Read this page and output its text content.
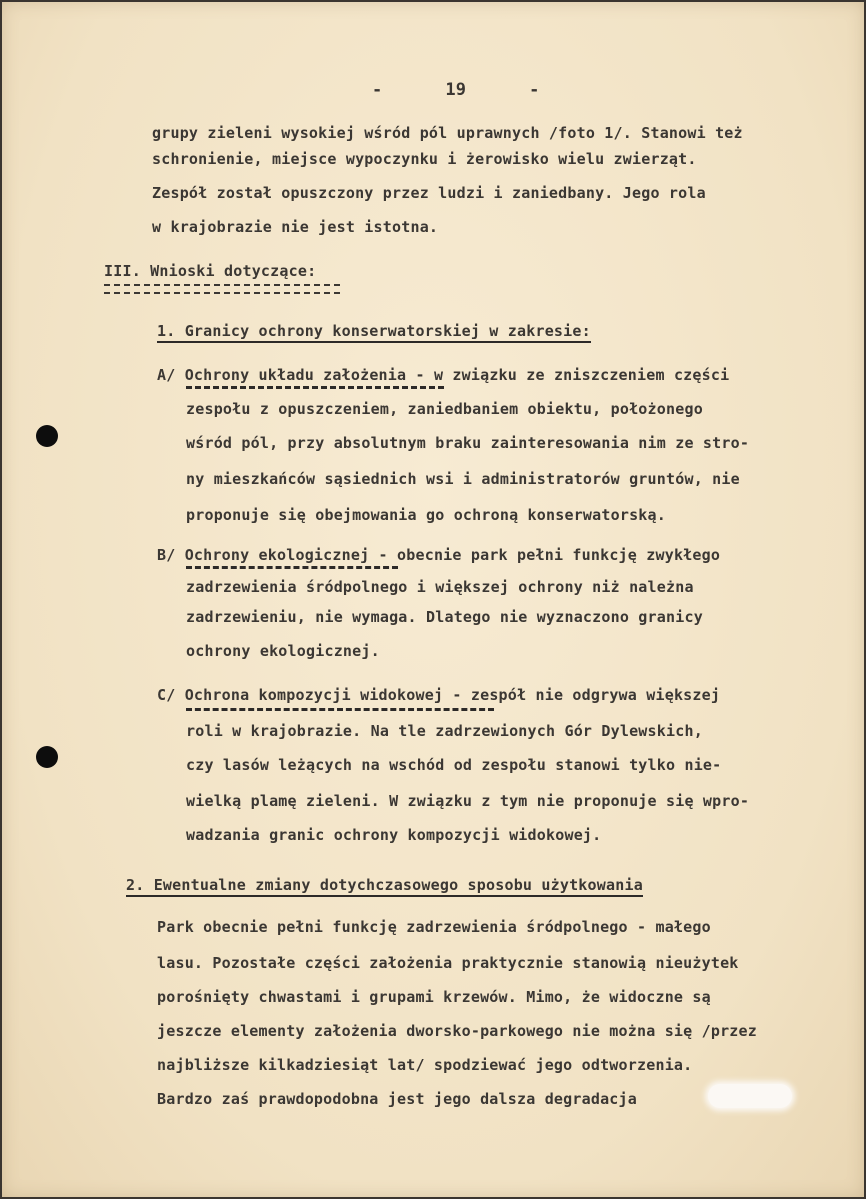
-	19	-
grupy zieleni wysokiej wśród pól uprawnych /foto 1/. Stanowi też
schronienie, miejsce wypoczynku i żerowisko wielu zwierząt.
Zespół został opuszczony przez ludzi i zaniedbany. Jego rola
w krajobrazie nie jest istotna.
III. Wnioski dotyczące:
1. Granicy ochrony konserwatorskiej w zakresie:
A/ Ochrony układu założenia - w związku ze zniszczeniem części
zespołu z opuszczeniem, zaniedbaniem obiektu, położonego
wśród pól, przy absolutnym braku zainteresowania nim ze stro-
ny mieszkańców sąsiednich wsi i administratorów gruntów, nie
proponuje się obejmowania go ochroną konserwatorską.
B/ Ochrony ekologicznej - obecnie park pełni funkcję zwykłego
zadrzewienia śródpolnego i większej ochrony niż należna
zadrzewieniu, nie wymaga. Dlatego nie wyznaczono granicy
ochrony ekologicznej.
C/ Ochrona kompozycji widokowej - zespół nie odgrywa większej
roli w krajobrazie. Na tle zadrzewionych Gór Dylewskich,
czy lasów leżących na wschód od zespołu stanowi tylko nie-
wielką plamę zieleni. W związku z tym nie proponuje się wpro-
wadzania granic ochrony kompozycji widokowej.
2. Ewentualne zmiany dotychczasowego sposobu użytkowania
Park obecnie pełni funkcję zadrzewienia śródpolnego - małego
lasu. Pozostałe części założenia praktycznie stanowią nieużytek
porośnięty chwastami i grupami krzewów. Mimo, że widoczne są
jeszcze elementy założenia dworsko-parkowego nie można się /przez
najbliższe kilkadziesiąt lat/ spodziewać jego odtworzenia.
Bardzo zaś prawdopodobna jest jego dalsza degradacja
